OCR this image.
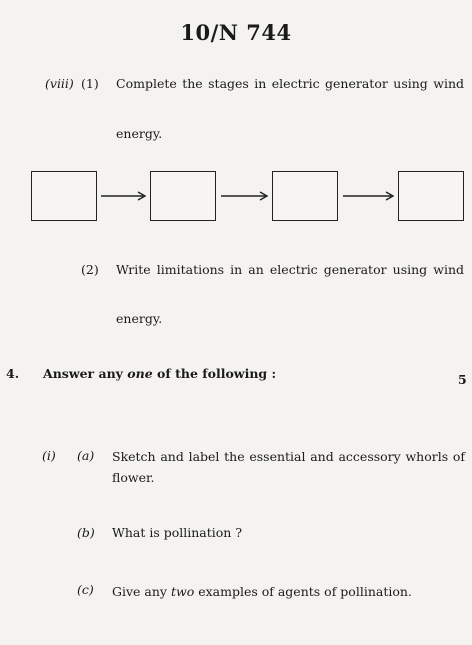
10/N 744
(viii) (1) Complete the stages in electric generator using wind
energy.
(2) Write limitations in an electric generator using wind
energy.
4. Answer any one of the following :	5
(i) (a) Sketch and label the essential and accessory whorls of
flower.
(b) What is pollination ?
(c) Give any two examples of agents of pollination.
